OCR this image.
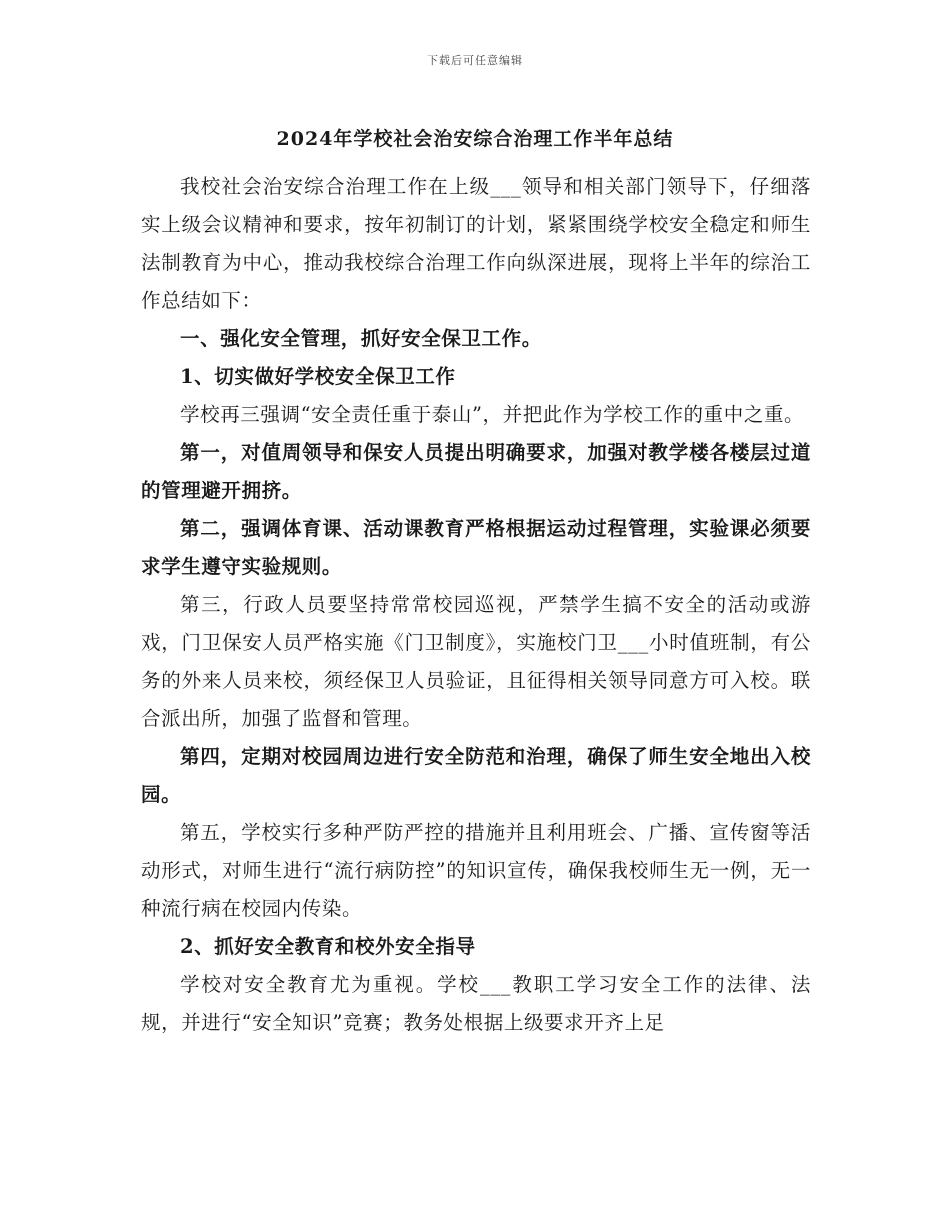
下载后可任意编辑
2024年学校社会治安综合治理工作半年总结

我校社会治安综合治理工作在上级___领导和相关部门领导下，仔细落实上级会议精神和要求，按年初制订的计划，紧紧围绕学校安全稳定和师生法制教育为中心，推动我校综合治理工作向纵深进展，现将上半年的综治工作总结如下：

一、强化安全管理，抓好安全保卫工作。

1、切实做好学校安全保卫工作

学校再三强调“安全责任重于泰山”，并把此作为学校工作的重中之重。

第一，对值周领导和保安人员提出明确要求，加强对教学楼各楼层过道的管理避开拥挤。

第二，强调体育课、活动课教育严格根据运动过程管理，实验课必须要求学生遵守实验规则。

第三，行政人员要坚持常常校园巡视，严禁学生搞不安全的活动或游戏，门卫保安人员严格实施《门卫制度》，实施校门卫___小时值班制，有公务的外来人员来校，须经保卫人员验证，且征得相关领导同意方可入校。联合派出所，加强了监督和管理。

第四，定期对校园周边进行安全防范和治理，确保了师生安全地出入校园。

第五，学校实行多种严防严控的措施并且利用班会、广播、宣传窗等活动形式，对师生进行“流行病防控”的知识宣传，确保我校师生无一例，无一种流行病在校园内传染。

2、抓好安全教育和校外安全指导

学校对安全教育尤为重视。学校___教职工学习安全工作的法律、法规，并进行“安全知识”竞赛；教务处根据上级要求开齐上足
